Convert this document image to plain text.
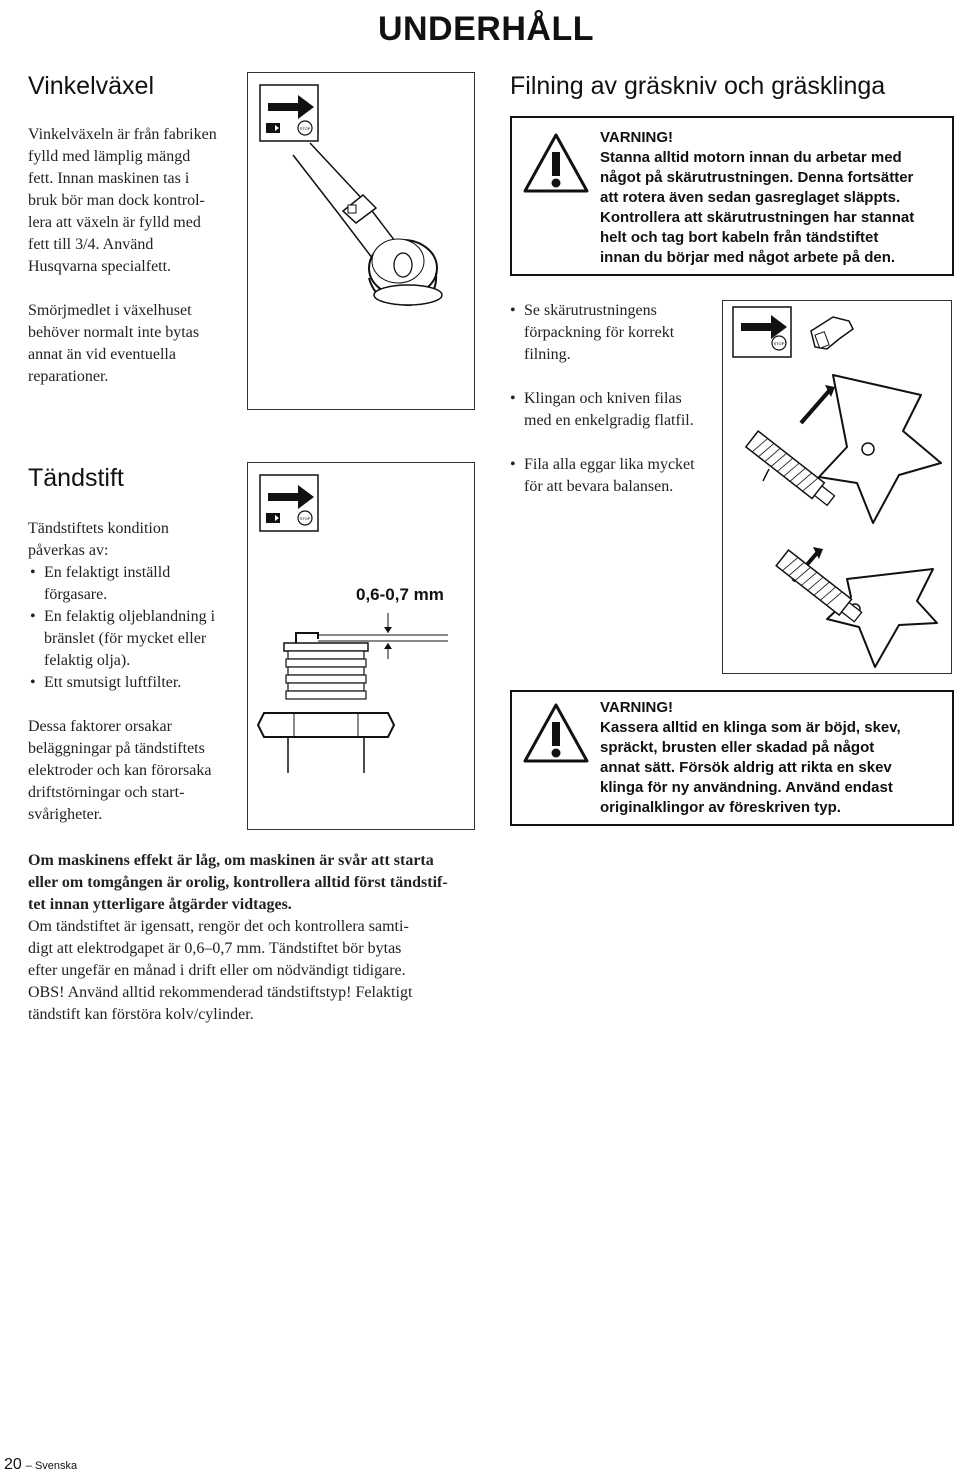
UNDERHÅLL
Vinkelväxel
Vinkelväxeln är från fabriken
fylld med lämplig mängd
fett. Innan maskinen tas i
bruk bör man dock kontrol-
lera att växeln är fylld med
fett till 3/4. Använd
Husqvarna specialfett.
Smörjmedlet i växelhuset
behöver normalt inte bytas
annat än vid eventuella
reparationer.
STOP
Tändstift
Tändstiftets kondition
påverkas av:
• En felaktigt inställd
förgasare.
• En felaktig oljeblandning i
bränslet (för mycket eller
felaktig olja).
• Ett smutsigt luftfilter.
Dessa faktorer orsakar
beläggningar på tändstiftets
elektroder och kan förorsaka
driftstörningar och start-
svårigheter.
STOP
0,6-0,7 mm
Om maskinens effekt är låg, om maskinen är svår att starta
eller om tomgången är orolig, kontrollera alltid först tändstif-
tet innan ytterligare åtgärder vidtages.
Om tändstiftet är igensatt, rengör det och kontrollera samti-
digt att elektrodgapet är 0,6–0,7 mm. Tändstiftet bör bytas
efter ungefär en månad i drift eller om nödvändigt tidigare.
OBS! Använd alltid rekommenderad tändstiftstyp! Felaktigt
tändstift kan förstöra kolv/cylinder.
Filning av gräskniv och gräsklinga
VARNING!
Stanna alltid motorn innan du arbetar med
något på skärutrustningen. Denna fortsätter
att rotera även sedan gasreglaget släppts.
Kontrollera att skärutrustningen har stannat
helt och tag bort kabeln från tändstiftet
innan du börjar med något arbete på den.
• Se skärutrustningens
förpackning för korrekt
filning.
• Klingan och kniven filas
med en enkelgradig flatfil.
• Fila alla eggar lika mycket
för att bevara balansen.
STOP
VARNING!
Kassera alltid en klinga som är böjd, skev,
spräckt, brusten eller skadad på något
annat sätt. Försök aldrig att rikta en skev
klinga för ny användning. Använd endast
originalklingor av föreskriven typ.
20 – Svenska
